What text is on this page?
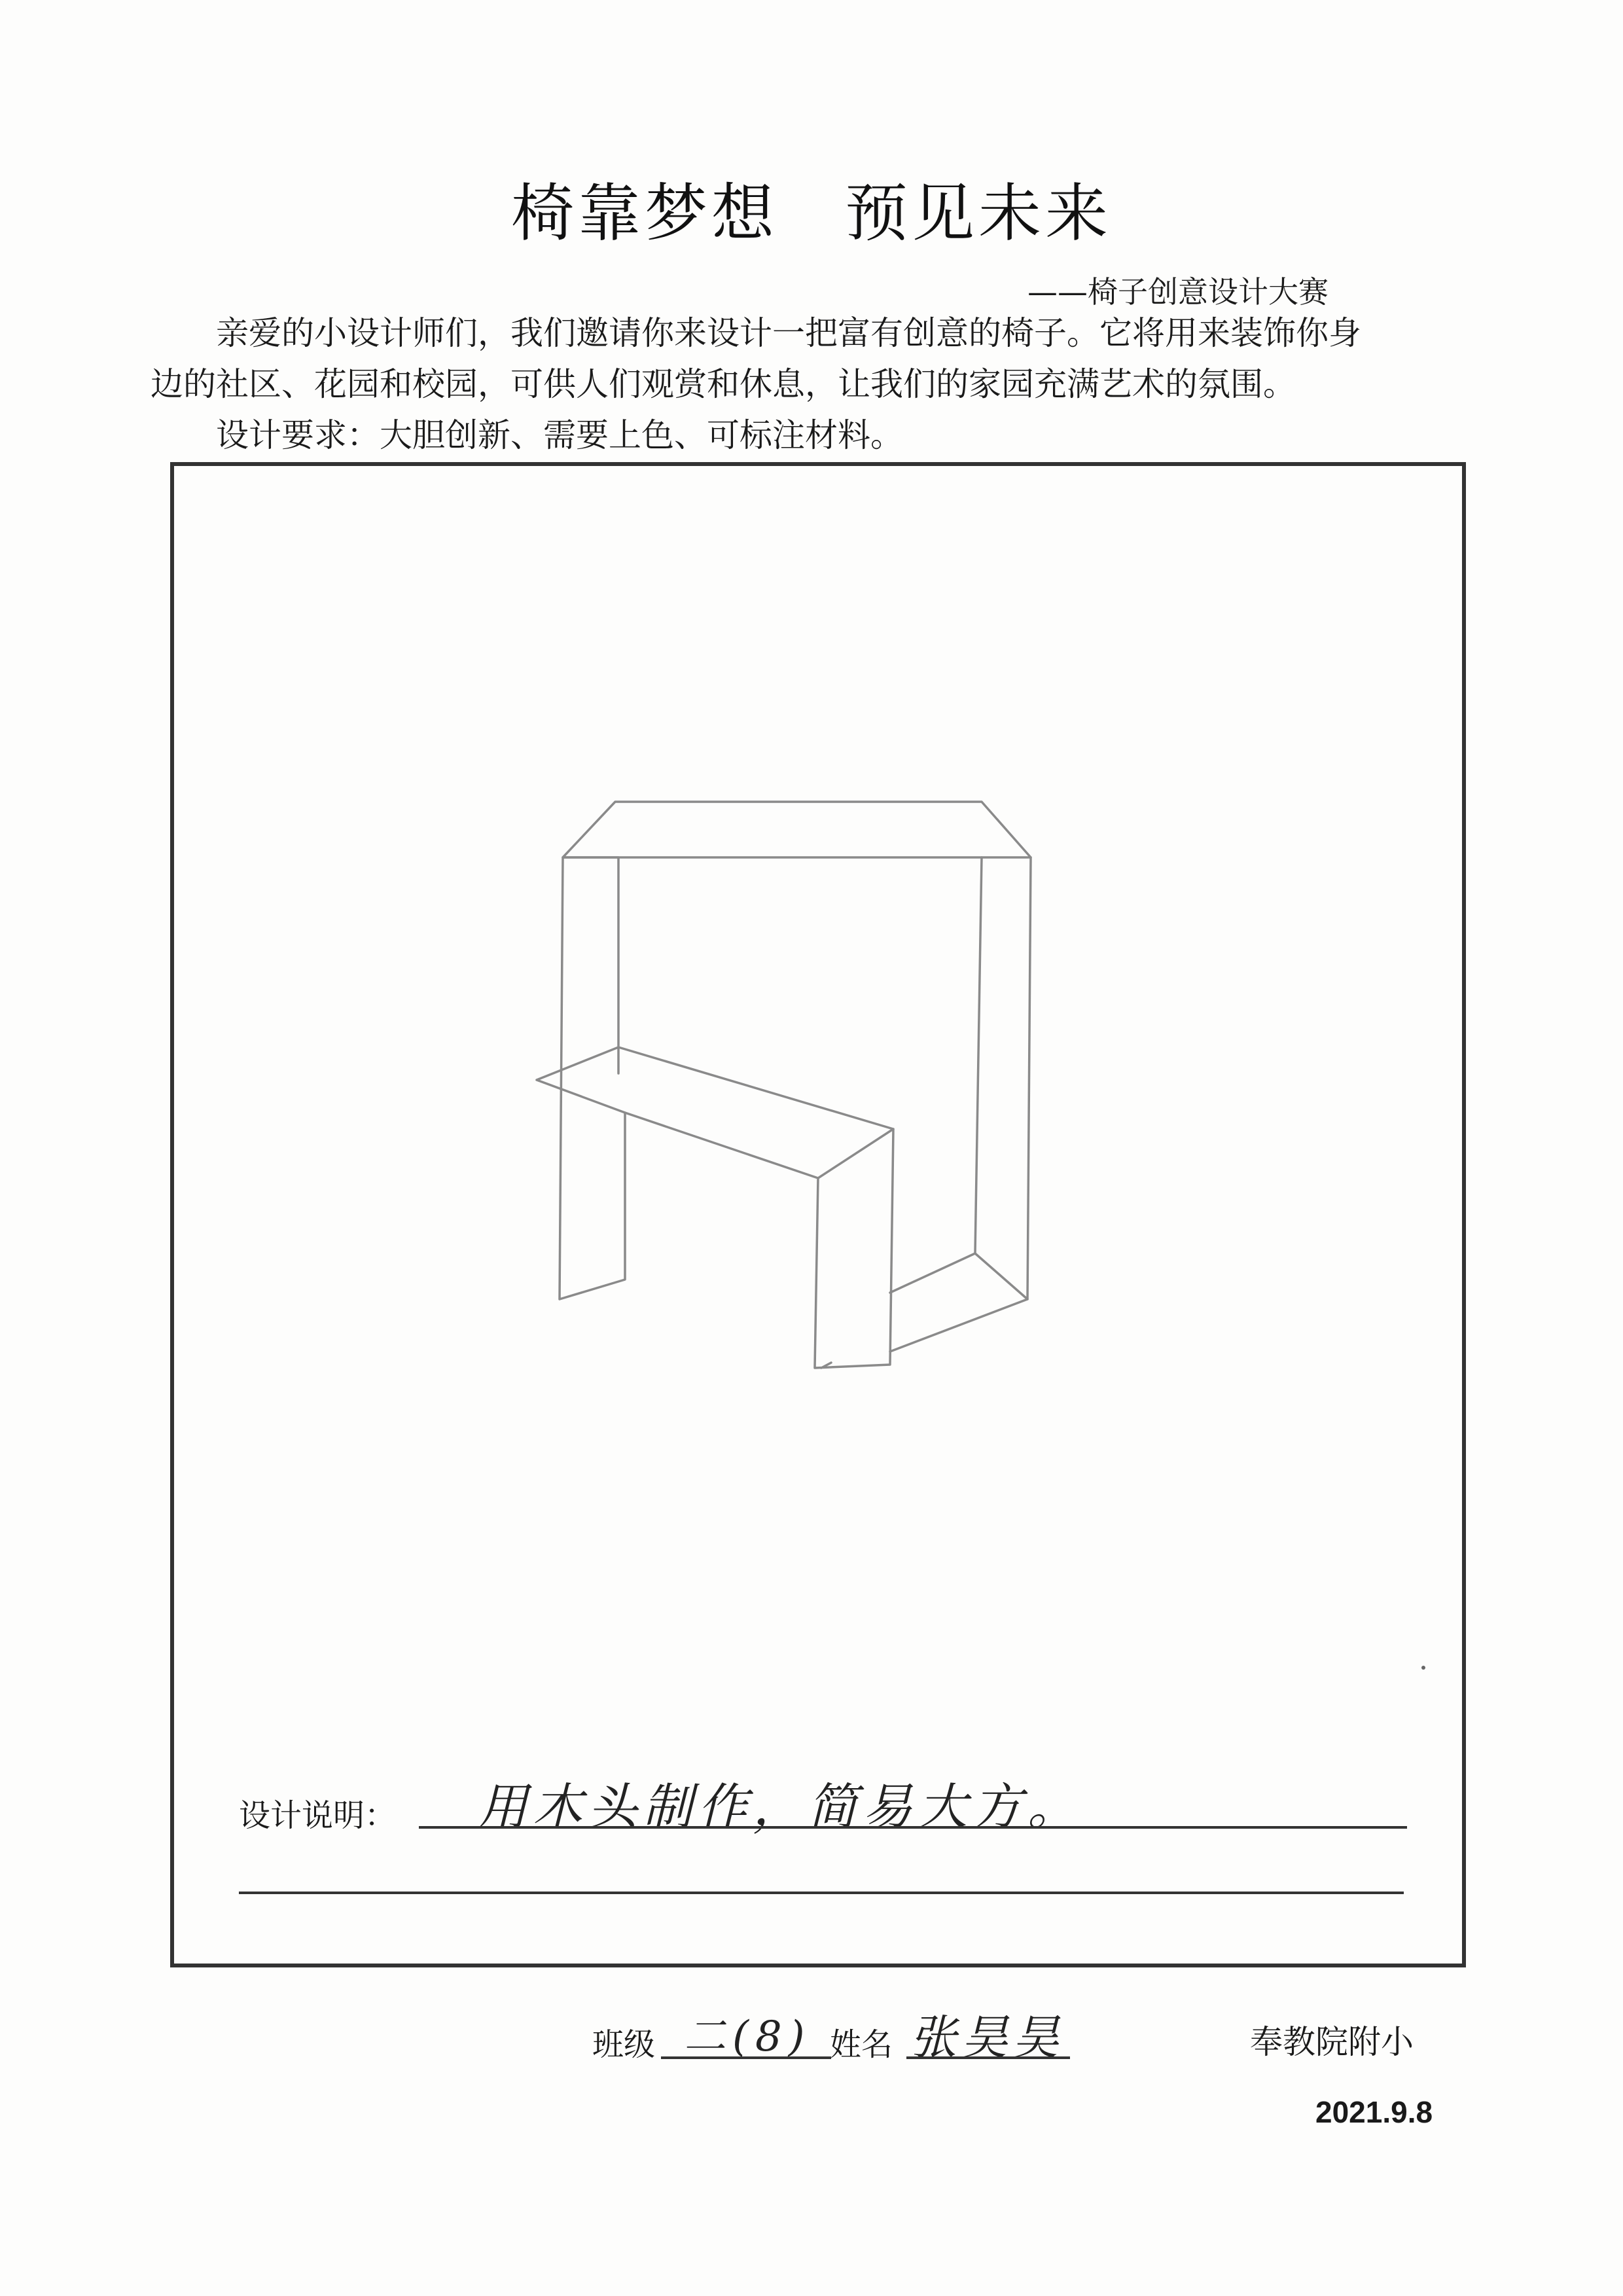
椅靠梦想　预见未来
——椅子创意设计大赛

亲爱的小设计师们，我们邀请你来设计一把富有创意的椅子。它将用来装饰你身

边的社区、花园和校园，可供人们观赏和休息，让我们的家园充满艺术的氛围。

设计要求：大胆创新、需要上色、可标注材料。

设计说明： 用木头制作，简易大方。
班级 二(8) 姓名 张昊昊	奉教院附小
2021.9.8
